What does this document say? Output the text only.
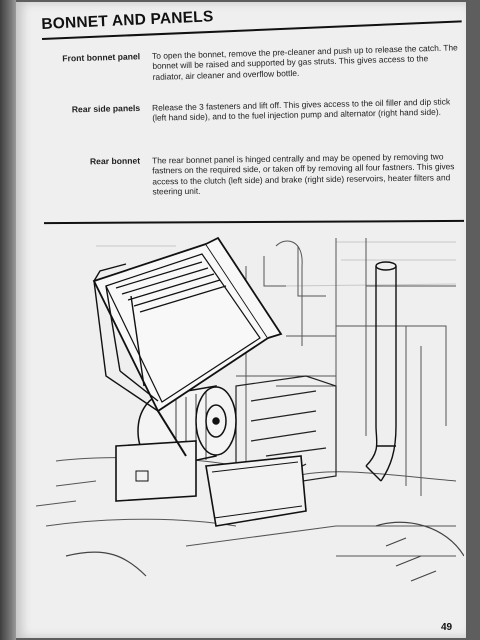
BONNET AND PANELS
Front bonnet panel To open the bonnet, remove the pre-cleaner and push up to release the catch. The bonnet will be raised and supported by gas struts. This gives access to the radiator, air cleaner and overflow bottle.
Rear side panels Release the 3 fasteners and lift off. This gives access to the oil filler and dip stick (left hand side), and to the fuel injection pump and alternator (right hand side).
Rear bonnet The rear bonnet panel is hinged centrally and may be opened by removing two fastners on the required side, or taken off by removing all four fastners. This gives access to the clutch (left side) and brake (right side) reservoirs, heater filters and steering unit.
49
